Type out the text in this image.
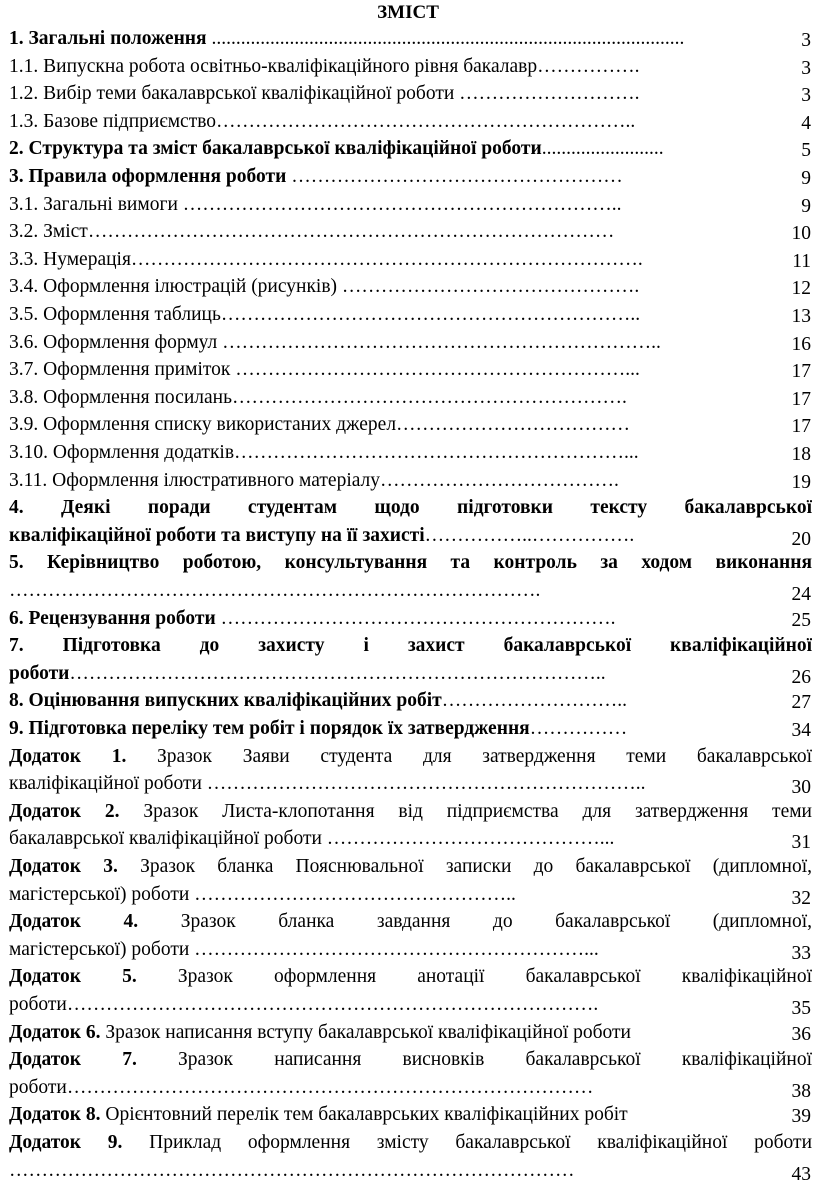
ЗМІСТ
1. Загальні положення .................................................................................................	3
1.1. Випускна робота освітньо-кваліфікаційного рівня бакалавр…………….	3
1.2. Вибір теми бакалаврської кваліфікаційної роботи ……………………….	3
1.3. Базове підприємство………………………………………………………..	4
2. Структура та зміст бакалаврської кваліфікаційної роботи.........................	5
3. Правила оформлення роботи ……………………………………………	9
3.1. Загальні вимоги …………………………………………………………..	9
3.2. Зміст………………………………………………………………………	10
3.3. Нумерація…………………………………………………………………….	11
3.4. Оформлення ілюстрацій (рисунків) ……………………………………….	12
3.5. Оформлення таблиць………………………………………………………..	13
3.6. Оформлення формул …………………………………………………………..	16
3.7. Оформлення приміток ……………………………………………………...	17
3.8. Оформлення посилань…………………………………………………….	17
3.9. Оформлення списку використаних джерел………………………………	17
3.10. Оформлення додатків……………………………………………………...	18
3.11. Оформлення ілюстративного матеріалу……………………………….	19
4. Деякі поради студентам щодо підготовки тексту бакалаврської
кваліфікаційної роботи та виступу на її захисті……………..…………….	20
5. Керівництво роботою, консультування та контроль за ходом виконання
……………………………………………………………………….	24
6. Рецензування роботи …………………………………………………….	25
7. Підготовка до захисту і захист бакалаврської кваліфікаційної
роботи………………………………………………………………………..	26
8. Оцінювання випускних кваліфікаційних робіт………………………..	27
9. Підготовка переліку тем робіт і порядок їх затвердження……………	34
Додаток 1. Зразок Заяви студента для затвердження теми бакалаврської
кваліфікаційної роботи …………………………………………………………..	30
Додаток 2. Зразок Листа-клопотання від підприємства для затвердження теми
бакалаврської кваліфікаційної роботи ……………………………………...	31
Додаток 3. Зразок бланка Пояснювальної записки до бакалаврської (дипломної,
магістерської) роботи …………………………………………..	32
Додаток 4. Зразок бланка завдання до бакалаврської (дипломної,
магістерської) роботи ……………………………………………………...	33
Додаток 5. Зразок оформлення анотації бакалаврської кваліфікаційної
роботи……………………………………………………………………….	35
Додаток 6. Зразок написання вступу бакалаврської кваліфікаційної роботи	36
Додаток 7. Зразок написання висновків бакалаврської кваліфікаційної
роботи………………………………………………………………………	38
Додаток 8. Орієнтовний перелік тем бакалаврських кваліфікаційних робіт	39
Додаток 9. Приклад оформлення змісту бакалаврської кваліфікаційної роботи
……………………………………………………………………………	43
